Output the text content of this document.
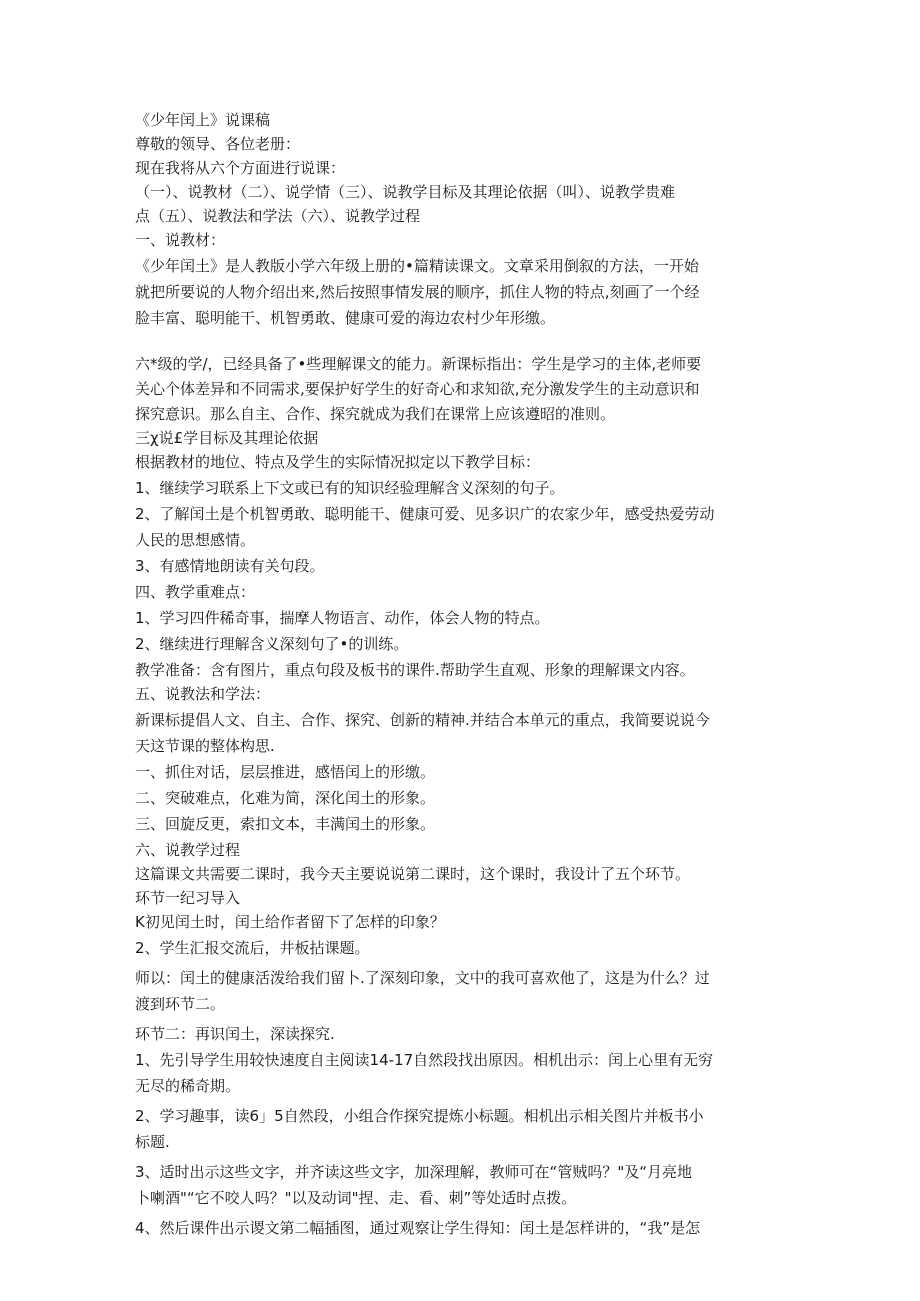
《少年闰上》说课稿

尊敬的领导、各位老册：

现在我将从六个方面进行说课：

（一）、说教材（二）、说学情（三）、说教学目标及其理论依据（叫）、说教学贵难

点（五）、说教法和学法（六）、说教学过程

一、说教材：

《少年闰土》是人教版小学六年级上册的•篇精读课文。文章采用倒叙的方法，一开始

就把所要说的人物介绍出来,然后按照事情发展的顺序，抓住人物的特点,刻画了一个经

脸丰富、聪明能干、机智勇敢、健康可爱的海边农村少年形缴。

六*级的学/，已经具备了•些理解课文的能力。新课标指出：学生是学习的主体,老师要

关心个体差异和不同需求,要保护好学生的好奇心和求知欲,充分激发学生的主动意识和

探究意识。那么自主、合作、探究就成为我们在课常上应该遵昭的准则。

三χ说£学目标及其理论依据

根据教材的地位、特点及学生的实际情况拟定以下教学目标：

1、继续学习联系上下文或已有的知识经验理解含义深刻的句子。

2、了解闰土是个机智勇敢、聪明能干、健康可爱、见多识广的农家少年，感受热爱劳动

人民的思想感情。

3、有感情地朗读有关句段。

四、教学重难点：

1、学习四件稀奇事，揣摩人物语言、动作，体会人物的特点。

2、继续进行理解含义深刻句了•的训练。

教学准备：含有图片，重点句段及板书的课件.帮助学生直观、形象的理解课文内容。

五、说教法和学法：

新课标提倡人文、自主、合作、探究、创新的精神.并结合本单元的重点，我简要说说今

天这节课的整体构思.

一、抓住对话，层层推进，感悟闰上的形缴。

二、突破难点，化难为简，深化闰土的形象。

三、回旋反更，索扣文本，丰满闰土的形象。

六、说教学过程

这篇课文共需要二课时，我今天主要说说第二课时，这个课时，我设计了五个环节。

环节一纪习导入

K初见闰土时，闰土给作者留下了怎样的印象？

2、学生汇报交流后，井板拈课题。

师以：闰土的健康活泼给我们留卜.了深刻印象，文中的我可喜欢他了，这是为什么？过

渡到环节二。

环节二：再识闰土，深读探究.

1、先引导学生用较快速度自主阅读14-17自然段找出原因。相机出示：闰上心里有无穷

无尽的稀奇期。

2、学习趣事，读6」5自然段，小组合作探究提炼小标题。相机出示相关图片并板书小

标题.

3、适时出示这些文字，并齐读这些文字，加深理解，教师可在“管贼吗？"及“月亮地

卜喇酒"“它不咬人吗？"以及动词"捏、走、看、刺”等处适时点拨。

4、然后课件出示谡文第二幅插图，通过观察让学生得知：闰土是怎样讲的，“我”是怎
